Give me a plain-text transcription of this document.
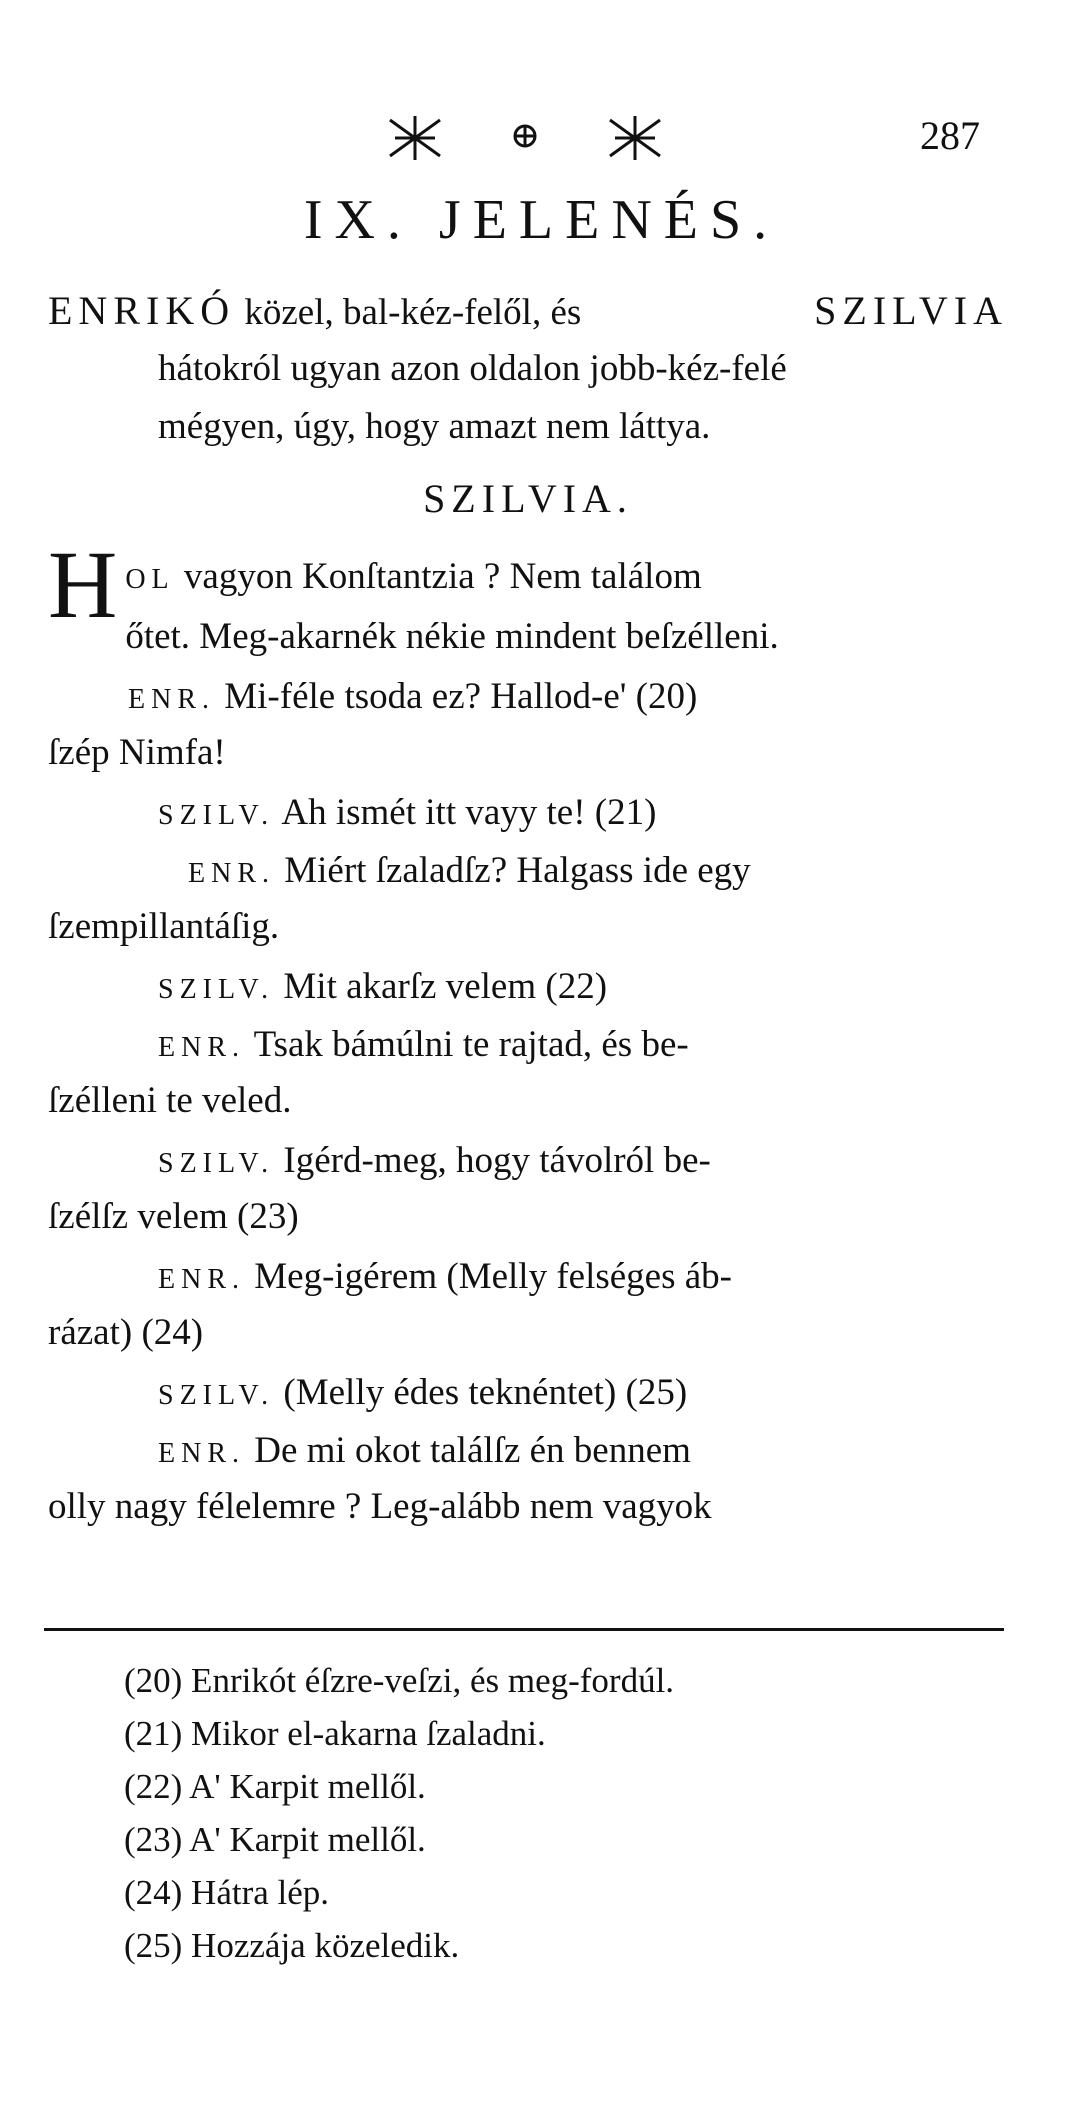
287
IX. JELENÉS.
ENRIKÓ közel, bal-kéz-felől, és	SZILVIA
hátokról ugyan azon oldalon jobb-kéz-felé
mégyen, úgy, hogy amazt nem láttya.
SZILVIA.
H OL vagyon Konſtantzia ? Nem találom
őtet. Meg-akarnék nékie mindent beſzélleni.
ENR. Mi-féle tsoda ez? Hallod-e' (20)
ſzép Nimfa!
SZILV. Ah ismét itt vayy te! (21)
ENR. Miért ſzaladſz? Halgass ide egy
ſzempillantáſig.
SZILV. Mit akarſz velem (22)
ENR. Tsak bámúlni te rajtad, és be-
ſzélleni te veled.
SZILV. Igérd-meg, hogy távolról be-
ſzélſz velem (23)
ENR. Meg-igérem (Melly felséges áb-
rázat) (24)
SZILV. (Melly édes teknéntet) (25)
ENR. De mi okot találſz én bennem
olly nagy félelemre ? Leg-alább nem vagyok
(20) Enrikót éſzre-veſzi, és meg-fordúl.
(21) Mikor el-akarna ſzaladni.
(22) A' Karpit mellől.
(23) A' Karpit mellől.
(24) Hátra lép.
(25) Hozzája közeledik.
